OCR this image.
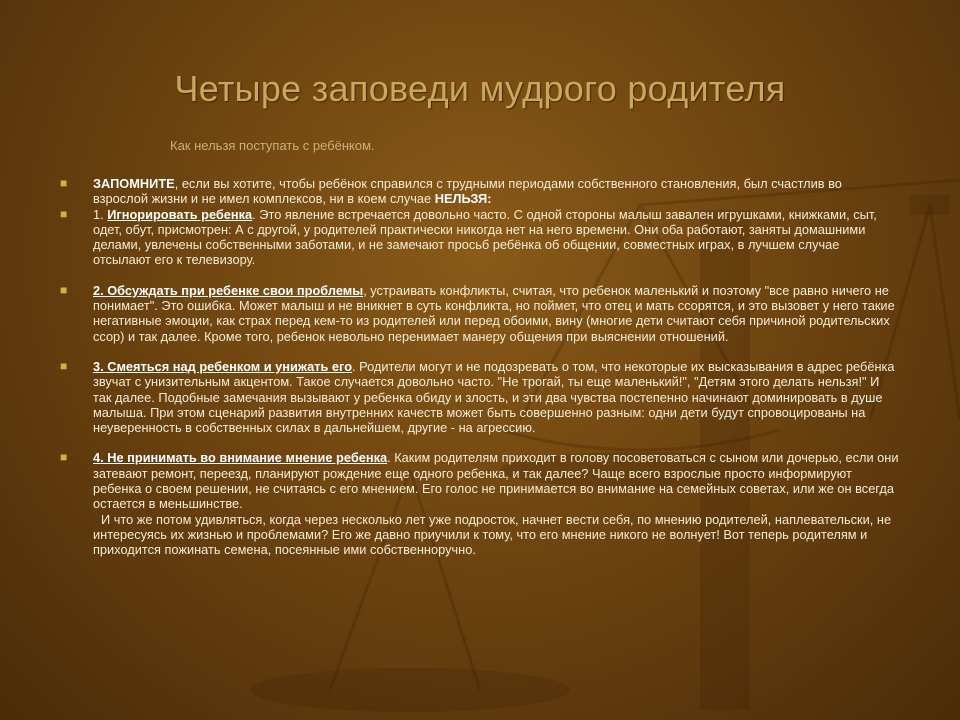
Четыре заповеди мудрого родителя
Как нельзя поступать с ребёнком.
■ ЗАПОМНИТЕ, если вы хотите, чтобы ребёнок справился с трудными периодами собственного становления, был счастлив во взрослой жизни и не имел комплексов, ни в коем случае НЕЛЬЗЯ:
■ 1. Игнорировать ребенка. Это явление встречается довольно часто. С одной стороны малыш завален игрушками, книжками, сыт, одет, обут, присмотрен: А с другой, у родителей практически никогда нет на него времени. Они оба работают, заняты домашними делами, увлечены собственными заботами, и не замечают просьб ребёнка об общении, совместных играх, в лучшем случае отсылают его к телевизору.
■ 2. Обсуждать при ребенке свои проблемы, устраивать конфликты, считая, что ребенок маленький и поэтому "все равно ничего не понимает". Это ошибка. Может малыш и не вникнет в суть конфликта, но поймет, что отец и мать ссорятся, и это вызовет у него такие негативные эмоции, как страх перед кем-то из родителей или перед обоими, вину (многие дети считают себя причиной родительских ссор) и так далее. Кроме того, ребенок невольно перенимает манеру общения при выяснении отношений.
■ 3. Смеяться над ребенком и унижать его. Родители могут и не подозревать о том, что некоторые их высказывания в адрес ребёнка звучат с унизительным акцентом. Такое случается довольно часто. "Не трогай, ты еще маленький!", "Детям этого делать нельзя!" И так далее. Подобные замечания вызывают у ребенка обиду и злость, и эти два чувства постепенно начинают доминировать в душе малыша. При этом сценарий развития внутренних качеств может быть совершенно разным: одни дети будут спровоцированы на неуверенность в собственных силах в дальнейшем, другие - на агрессию.
■ 4. Не принимать во внимание мнение ребенка. Каким родителям приходит в голову посоветоваться с сыном или дочерью, если они затевают ремонт, переезд, планируют рождение еще одного ребенка, и так далее? Чаще всего взрослые просто информируют ребенка о своем решении, не считаясь с его мнением. Его голос не принимается во внимание на семейных советах, или же он всегда остается в меньшинстве.
И что же потом удивляться, когда через несколько лет уже подросток, начнет вести себя, по мнению родителей, наплевательски, не интересуясь их жизнью и проблемами? Его же давно приучили к тому, что его мнение никого не волнует! Вот теперь родителям и приходится пожинать семена, посеянные ими собственноручно.
